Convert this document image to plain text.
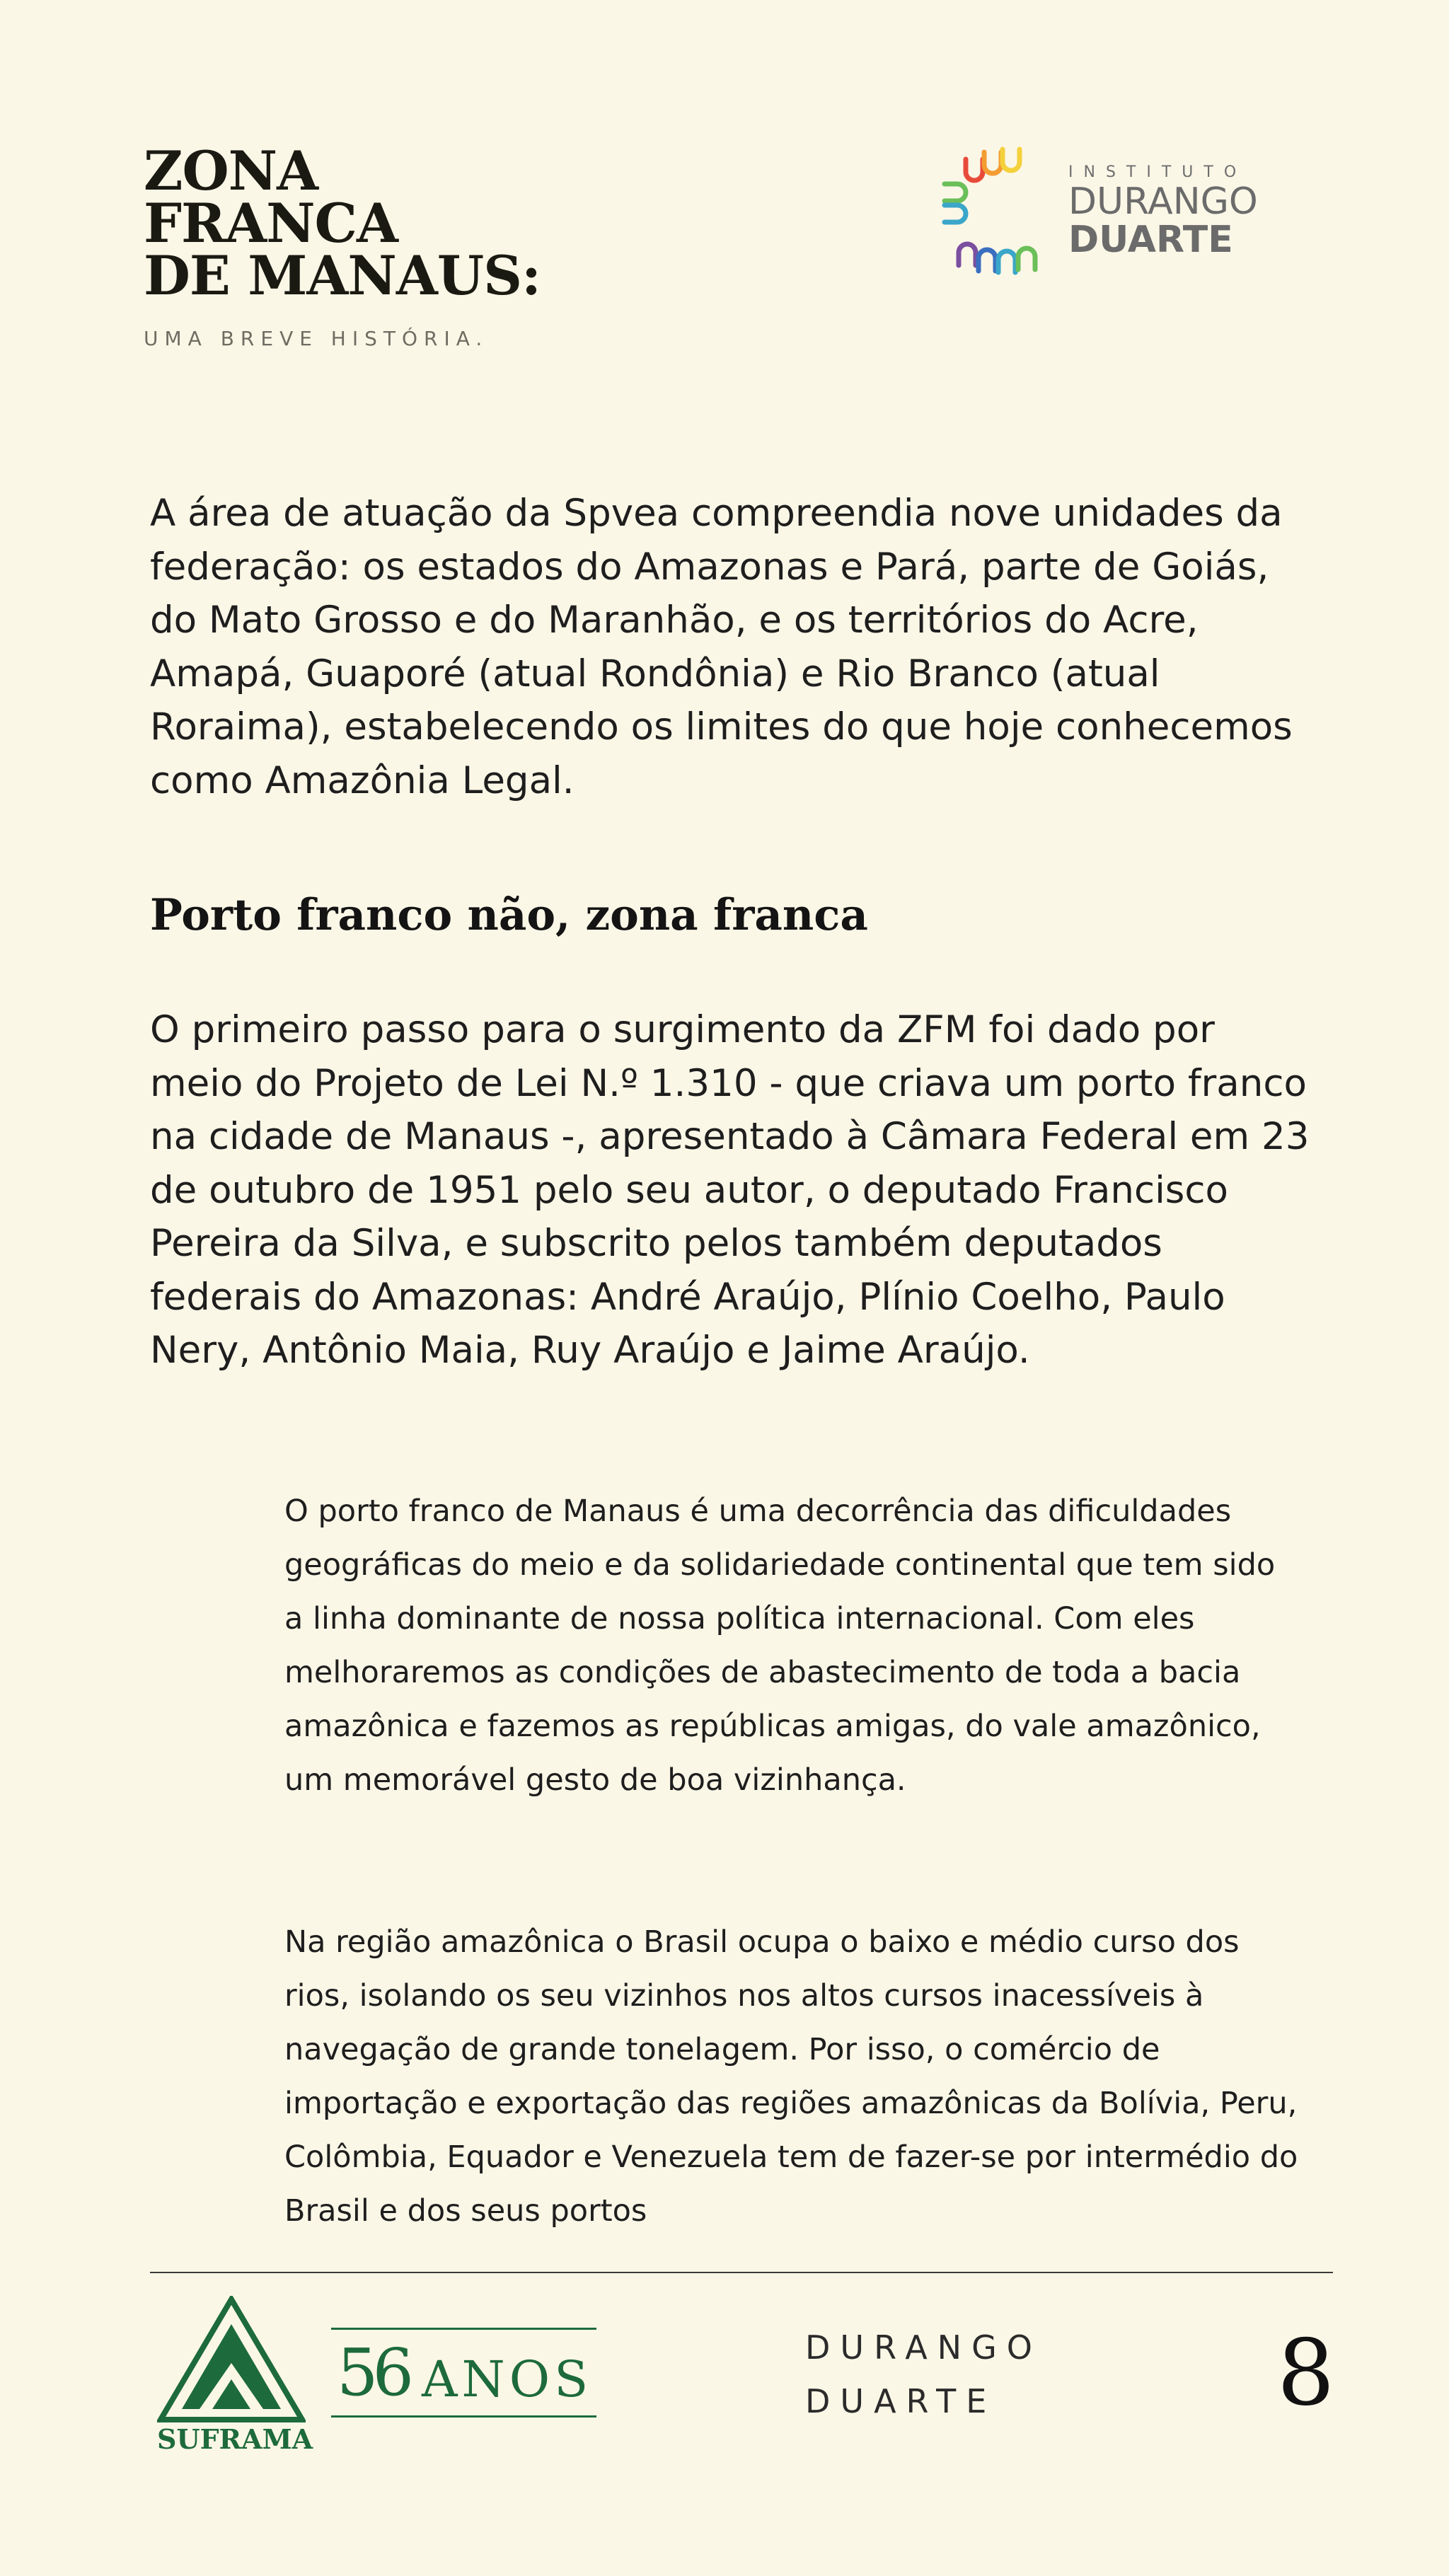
ZONA
FRANCA
DE MANAUS:
UMA BREVE HISTÓRIA.
INSTITUTO
DURANGO
DUARTE
A área de atuação da Spvea compreendia nove unidades da federação: os estados do Amazonas e Pará, parte de Goiás, do Mato Grosso e do Maranhão, e os territórios do Acre, Amapá, Guaporé (atual Rondônia) e Rio Branco (atual Roraima), estabelecendo os limites do que hoje conhecemos como Amazônia Legal.
Porto franco não, zona franca
O primeiro passo para o surgimento da ZFM foi dado por meio do Projeto de Lei N.º 1.310 - que criava um porto franco na cidade de Manaus -, apresentado à Câmara Federal em 23 de outubro de 1951 pelo seu autor, o deputado Francisco Pereira da Silva, e subscrito pelos também deputados federais do Amazonas: André Araújo, Plínio Coelho, Paulo Nery, Antônio Maia, Ruy Araújo e Jaime Araújo.
O porto franco de Manaus é uma decorrência das dificuldades geográficas do meio e da solidariedade continental que tem sido a linha dominante de nossa política internacional. Com eles melhoraremos as condições de abastecimento de toda a bacia amazônica e fazemos as repúblicas amigas, do vale amazônico, um memorável gesto de boa vizinhança.
Na região amazônica o Brasil ocupa o baixo e médio curso dos rios, isolando os seu vizinhos nos altos cursos inacessíveis à navegação de grande tonelagem. Por isso, o comércio de importação e exportação das regiões amazônicas da Bolívia, Peru, Colômbia, Equador e Venezuela tem de fazer-se por intermédio do Brasil e dos seus portos
SUFRAMA
56 ANOS
DURANGO
DUARTE	8
